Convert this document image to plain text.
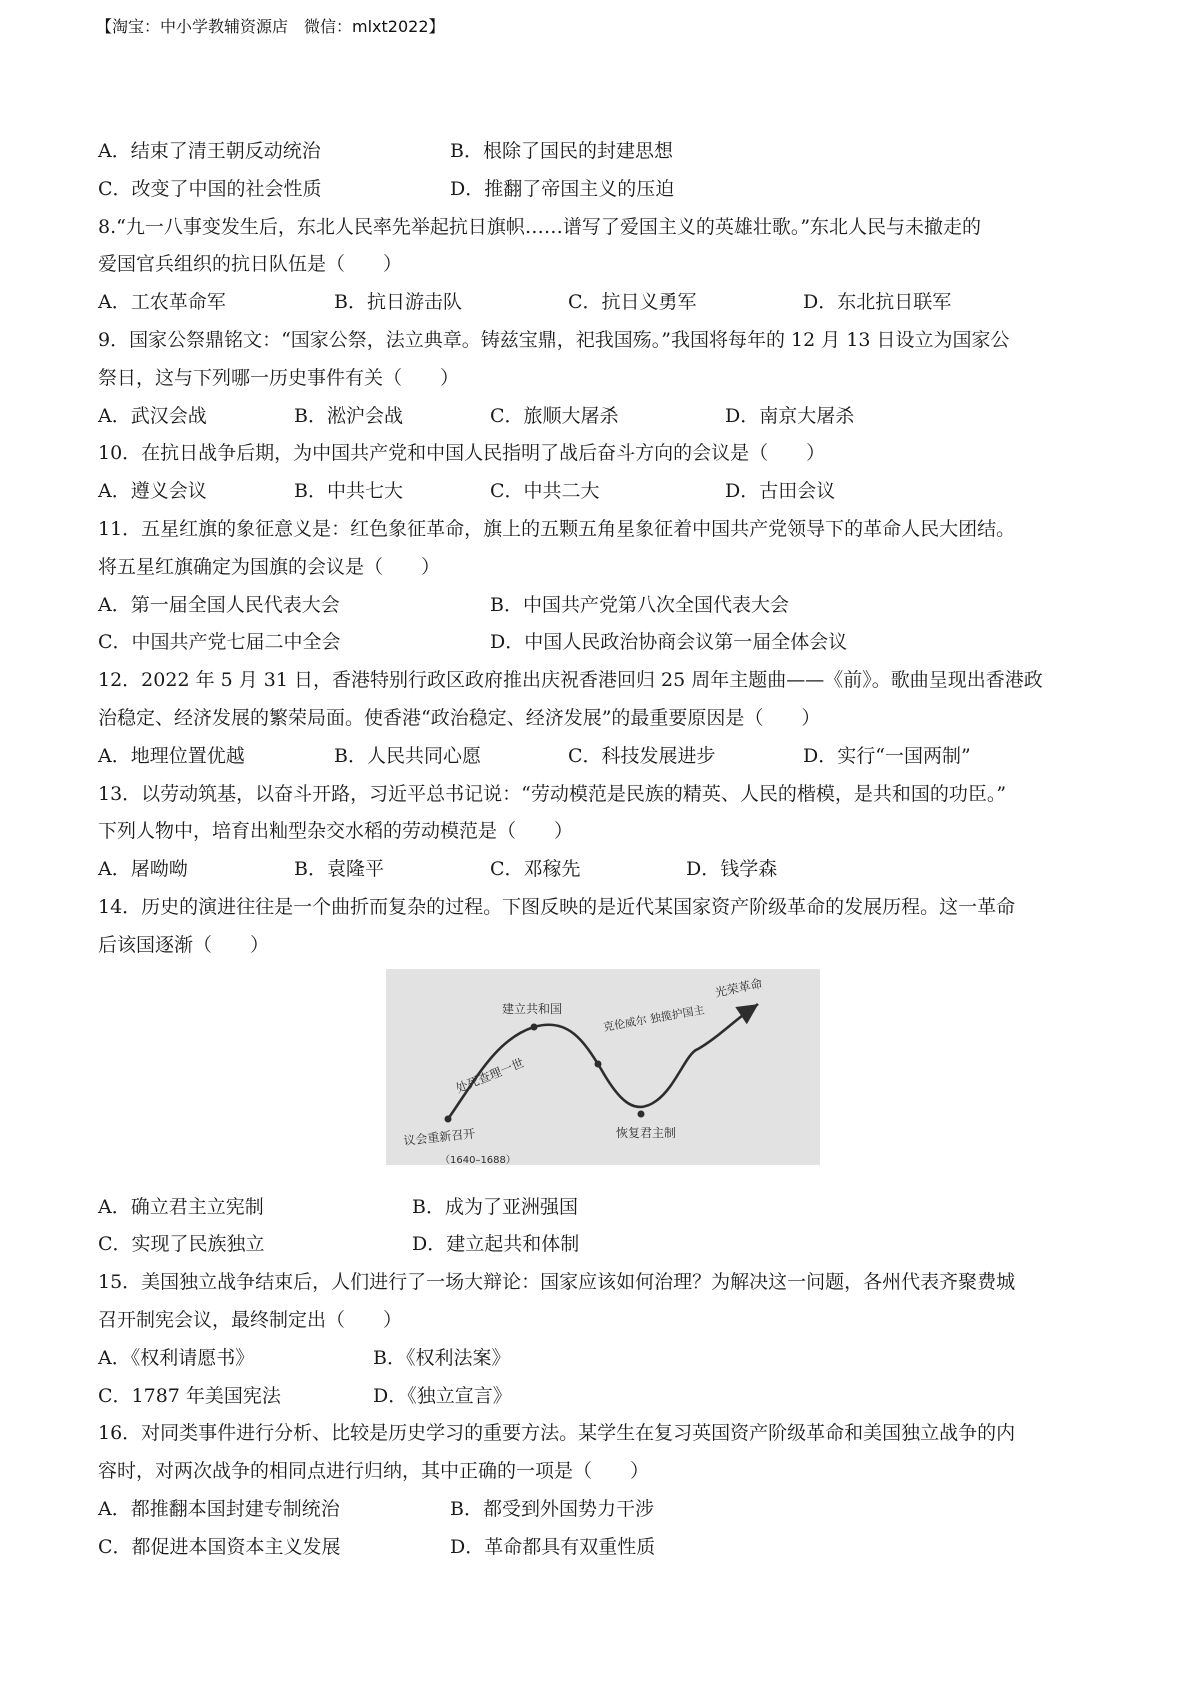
【淘宝：中小学教辅资源店　微信：mlxt2022】
A．结束了清王朝反动统治	B．根除了国民的封建思想
C．改变了中国的社会性质	D．推翻了帝国主义的压迫
8.“九一八事变发生后，东北人民率先举起抗日旗帜……谱写了爱国主义的英雄壮歌。”东北人民与未撤走的
爱国官兵组织的抗日队伍是（　　）
A．工农革命军	B．抗日游击队	C．抗日义勇军	D．东北抗日联军
9．国家公祭鼎铭文：“国家公祭，法立典章。铸兹宝鼎，祀我国殇。”我国将每年的 12 月 13 日设立为国家公
祭日，这与下列哪一历史事件有关（　　）
A．武汉会战	B．淞沪会战	C．旅顺大屠杀	D．南京大屠杀
10．在抗日战争后期，为中国共产党和中国人民指明了战后奋斗方向的会议是（　　）
A．遵义会议	B．中共七大	C．中共二大	D．古田会议
11．五星红旗的象征意义是：红色象征革命，旗上的五颗五角星象征着中国共产党领导下的革命人民大团结。
将五星红旗确定为国旗的会议是（　　）
A．第一届全国人民代表大会	B．中国共产党第八次全国代表大会
C．中国共产党七届二中全会	D．中国人民政治协商会议第一届全体会议
12．2022 年 5 月 31 日，香港特别行政区政府推出庆祝香港回归 25 周年主题曲——《前》。歌曲呈现出香港政
治稳定、经济发展的繁荣局面。使香港“政治稳定、经济发展”的最重要原因是（　　）
A．地理位置优越	B．人民共同心愿	C．科技发展进步	D．实行“一国两制”
13．以劳动筑基，以奋斗开路，习近平总书记说：“劳动模范是民族的精英、人民的楷模，是共和国的功臣。”
下列人物中，培育出籼型杂交水稻的劳动模范是（　　）
A．屠呦呦	B．袁隆平	C．邓稼先	D．钱学森
14．历史的演进往往是一个曲折而复杂的过程。下图反映的是近代某国家资产阶级革命的发展历程。这一革命
后该国逐渐（　　）
议会重新召开
处死查理一世
建立共和国	克伦威尔 独揽护国主
恢复君主制
光荣革命
（1640–1688）
A．确立君主立宪制	B．成为了亚洲强国
C．实现了民族独立	D．建立起共和体制
15．美国独立战争结束后，人们进行了一场大辩论：国家应该如何治理？为解决这一问题，各州代表齐聚费城
召开制宪会议，最终制定出（　　）
A．《权利请愿书》	B．《权利法案》
C．1787 年美国宪法	D．《独立宣言》
16．对同类事件进行分析、比较是历史学习的重要方法。某学生在复习英国资产阶级革命和美国独立战争的内
容时，对两次战争的相同点进行归纳，其中正确的一项是（　　）
A．都推翻本国封建专制统治	B．都受到外国势力干涉
C．都促进本国资本主义发展	D．革命都具有双重性质
